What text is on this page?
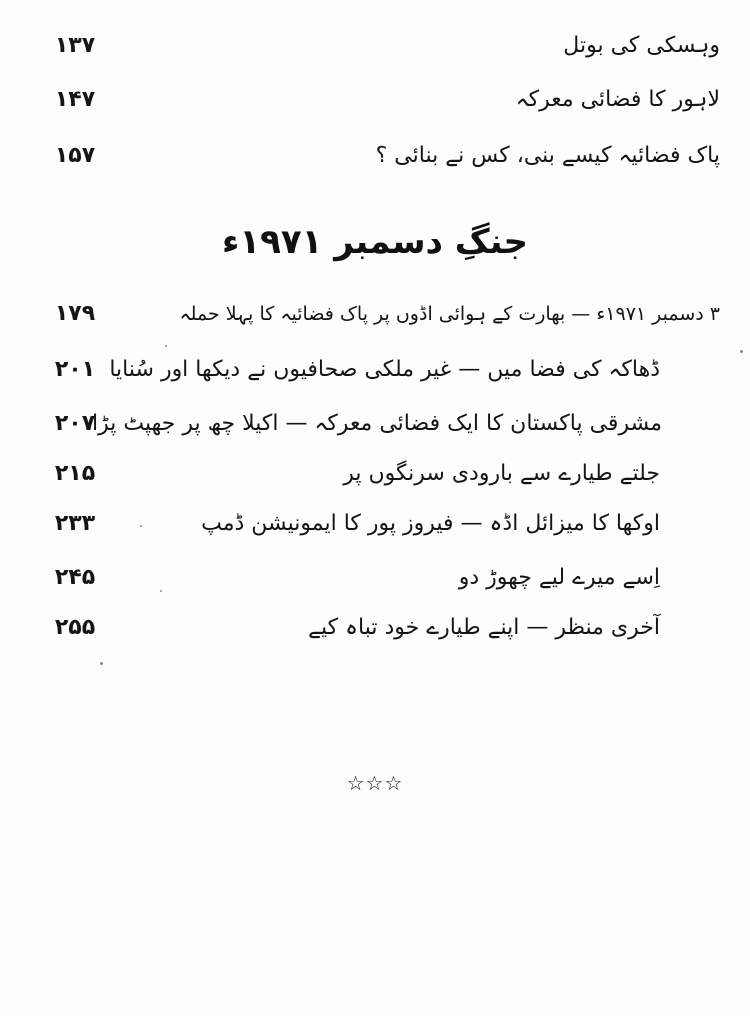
وہسکی کی بوتل
۱۳۷
لاہور کا فضائی معرکہ
۱۴۷
پاک فضائیہ کیسے بنی، کس نے بنائی ؟
۱۵۷
جنگِ دسمبر ۱۹۷۱ء
۳ دسمبر ۱۹۷۱ء — بھارت کے ہوائی اڈوں پر پاک فضائیہ کا پہلا حملہ
۱۷۹
ڈھاکہ کی فضا میں — غیر ملکی صحافیوں نے دیکھا اور سُنایا
۲۰۱
مشرقی پاکستان کا ایک فضائی معرکہ — اکیلا چھ پر جھپٹ پڑا
۲۰۷
جلتے طیارے سے بارودی سرنگوں پر
۲۱۵
اوکھا کا میزائل اڈہ — فیروز پور کا ایمونیشن ڈمپ
۲۳۳
اِسے میرے لیے چھوڑ دو
۲۴۵
آخری منظر — اپنے طیارے خود تباہ کیے
۲۵۵
☆☆☆
